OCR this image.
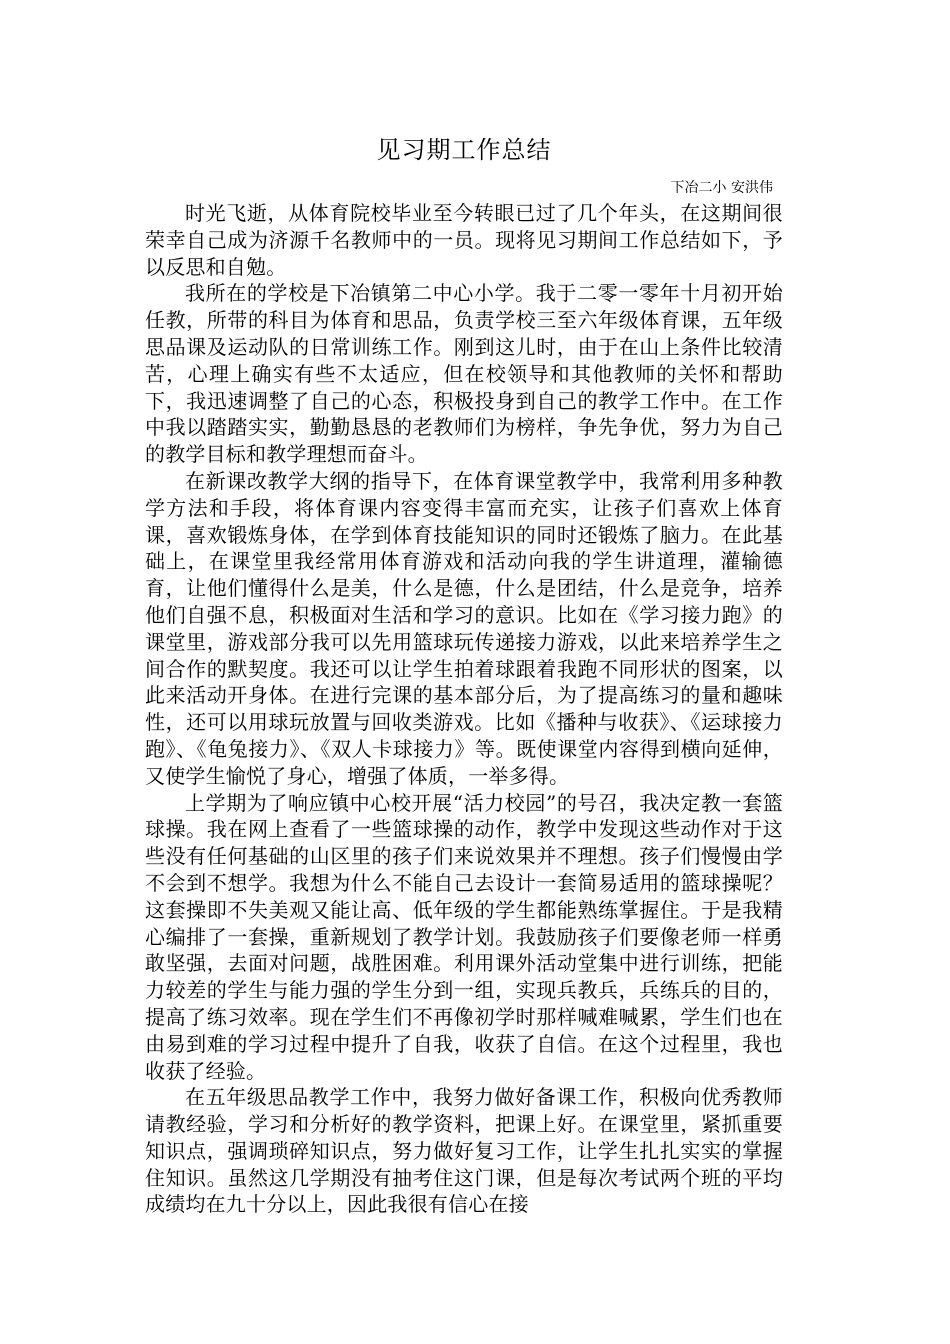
见习期工作总结
下冶二小 安洪伟

时光飞逝，从体育院校毕业至今转眼已过了几个年头，在这期间很荣幸自己成为济源千名教师中的一员。现将见习期间工作总结如下，予以反思和自勉。

我所在的学校是下冶镇第二中心小学。我于二零一零年十月初开始任教，所带的科目为体育和思品，负责学校三至六年级体育课，五年级思品课及运动队的日常训练工作。刚到这儿时，由于在山上条件比较清苦，心理上确实有些不太适应，但在校领导和其他教师的关怀和帮助下，我迅速调整了自己的心态，积极投身到自己的教学工作中。在工作中我以踏踏实实，勤勤恳恳的老教师们为榜样，争先争优，努力为自己的教学目标和教学理想而奋斗。

在新课改教学大纲的指导下，在体育课堂教学中，我常利用多种教学方法和手段，将体育课内容变得丰富而充实，让孩子们喜欢上体育课，喜欢锻炼身体，在学到体育技能知识的同时还锻炼了脑力。在此基础上，在课堂里我经常用体育游戏和活动向我的学生讲道理，灌输德育，让他们懂得什么是美，什么是德，什么是团结，什么是竞争，培养他们自强不息，积极面对生活和学习的意识。比如在《学习接力跑》的课堂里，游戏部分我可以先用篮球玩传递接力游戏，以此来培养学生之间合作的默契度。我还可以让学生拍着球跟着我跑不同形状的图案，以此来活动开身体。在进行完课的基本部分后，为了提高练习的量和趣味性，还可以用球玩放置与回收类游戏。比如《播种与收获》、《运球接力跑》、《龟兔接力》、《双人卡球接力》等。既使课堂内容得到横向延伸，又使学生愉悦了身心，增强了体质，一举多得。

上学期为了响应镇中心校开展“活力校园”的号召，我决定教一套篮球操。我在网上查看了一些篮球操的动作，教学中发现这些动作对于这些没有任何基础的山区里的孩子们来说效果并不理想。孩子们慢慢由学不会到不想学。我想为什么不能自己去设计一套简易适用的篮球操呢？这套操即不失美观又能让高、低年级的学生都能熟练掌握住。于是我精心编排了一套操，重新规划了教学计划。我鼓励孩子们要像老师一样勇敢坚强，去面对问题，战胜困难。利用课外活动堂集中进行训练，把能力较差的学生与能力强的学生分到一组，实现兵教兵，兵练兵的目的，提高了练习效率。现在学生们不再像初学时那样喊难喊累，学生们也在由易到难的学习过程中提升了自我，收获了自信。在这个过程里，我也收获了经验。

在五年级思品教学工作中，我努力做好备课工作，积极向优秀教师请教经验，学习和分析好的教学资料，把课上好。在课堂里，紧抓重要知识点，强调琐碎知识点，努力做好复习工作，让学生扎扎实实的掌握住知识。虽然这几学期没有抽考住这门课，但是每次考试两个班的平均成绩均在九十分以上，因此我很有信心在接
